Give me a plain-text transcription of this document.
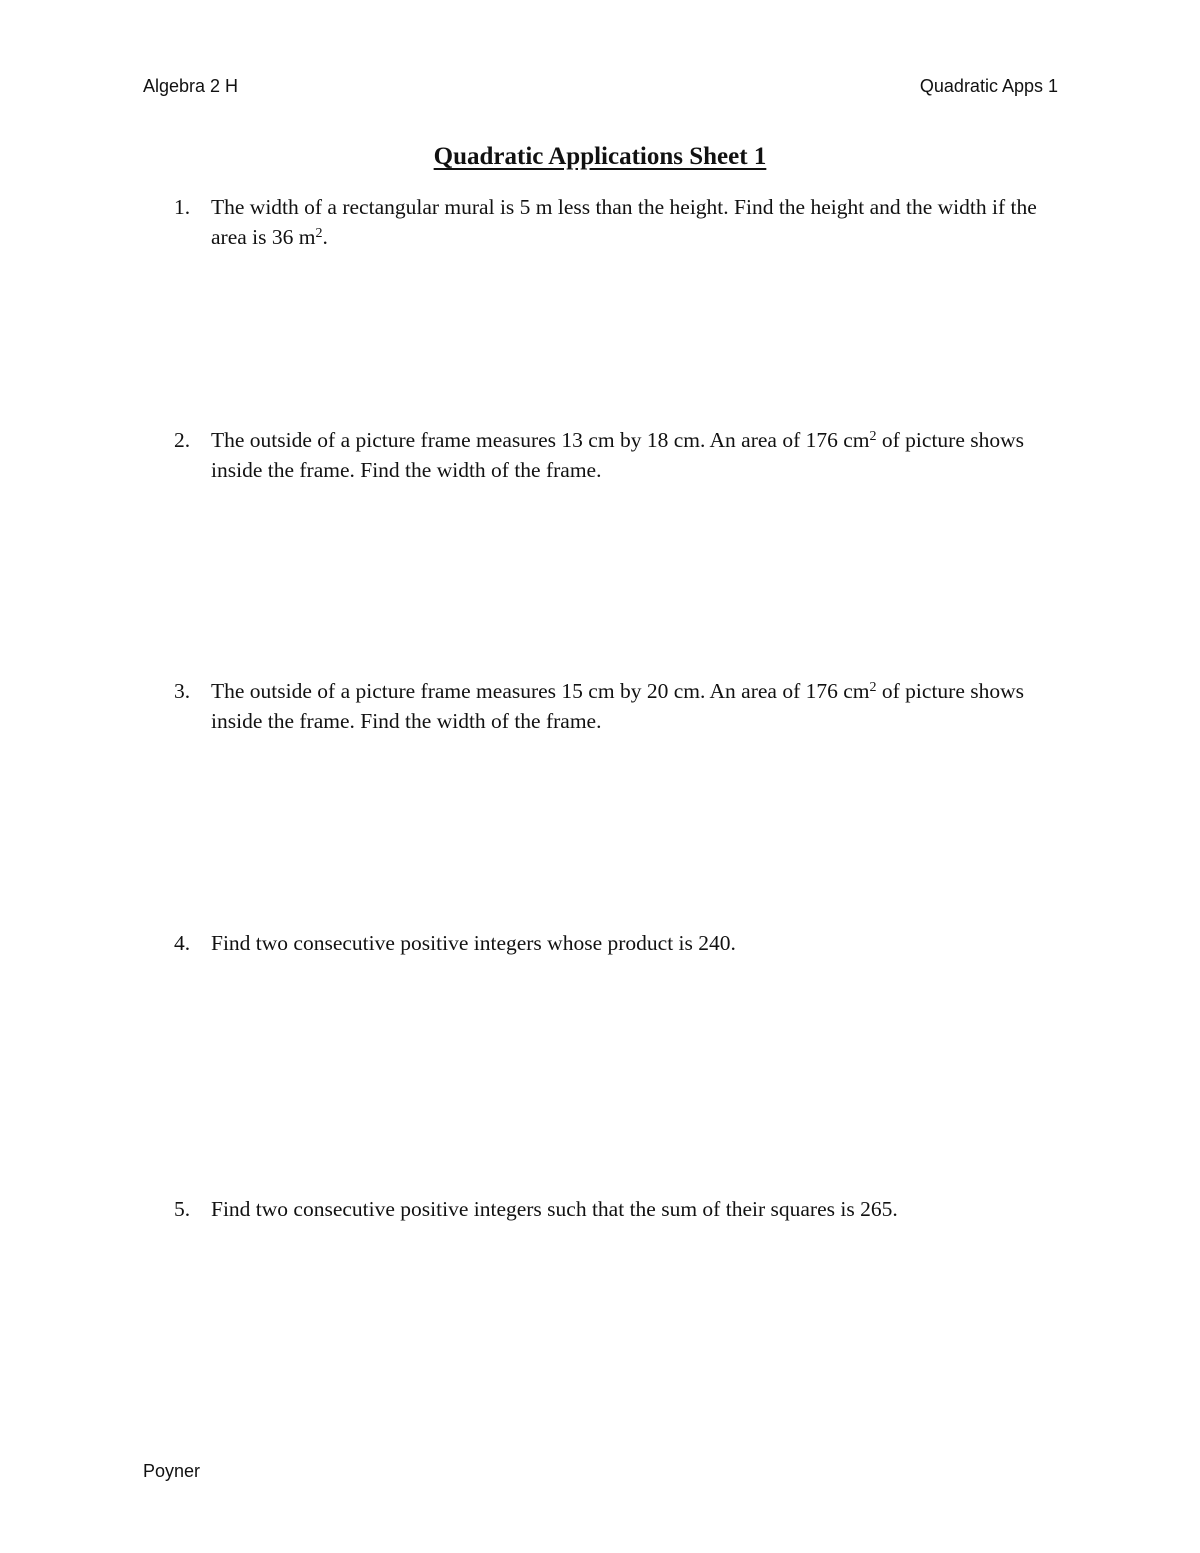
Algebra 2 H	Quadratic Apps 1
Quadratic Applications Sheet 1
1. The width of a rectangular mural is 5 m less than the height. Find the height and the width if the area is 36 $m^2$.
2. The outside of a picture frame measures 13 cm by 18 cm. An area of 176 $cm^2$ of picture shows inside the frame. Find the width of the frame.
3. The outside of a picture frame measures 15 cm by 20 cm. An area of 176 $cm^2$ of picture shows inside the frame. Find the width of the frame.
4. Find two consecutive positive integers whose product is 240.
5. Find two consecutive positive integers such that the sum of their squares is 265.
Poyner
